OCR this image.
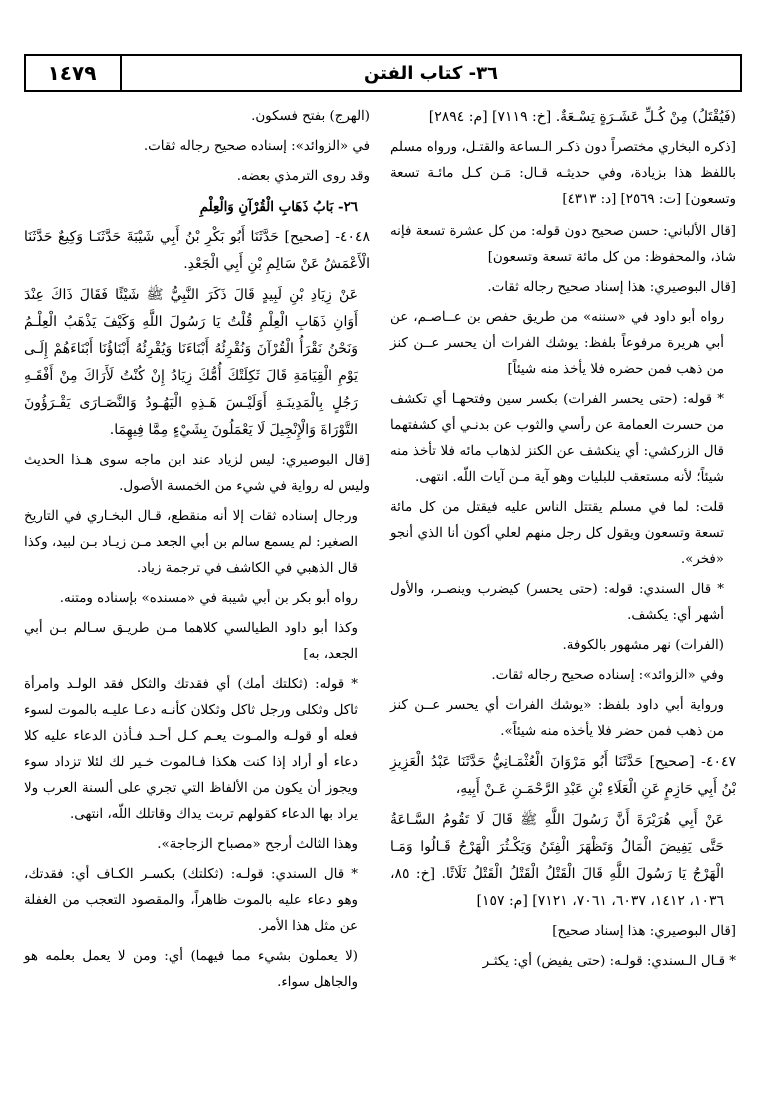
١٤٧٩	٣٦- كتاب الفتن

(فَيُقْتَلُ) مِنْ كُـلِّ عَشَـرَةٍ تِسْـعَةٌ. [خ: ٧١١٩] [م: ٢٨٩٤]

[ذكره البخاري مختصراً دون ذكـر الـساعة والقتـل، ورواه مسلم باللفظ هذا بزيادة، وفي حديثـه قـال: مَـن كـل مائـة تسعة وتسعون] [ت: ٢٥٦٩] [د: ٤٣١٣]

[قال الألباني: حسن صحيح دون قوله: من كل عشرة تسعة فإنه شاذ، والمحفوظ: من كل مائة تسعة وتسعون]

[قال البوصيري: هذا إسناد صحيح رجاله ثقات.

رواه أبو داود في «سننه» من طريق حفص بن عــاصـم، عن أبي هريرة مرفوعاً بلفظ: يوشك الفرات أن يحسر عــن كنز من ذهب فمن حضره فلا يأخذ منه شيئاً]

* قوله: (حتى يحسر الفرات) بكسر سين وفتحهـا أي تكشف من حسرت العمامة عن رأسي والثوب عن بدنـي أي كشفتهما قال الزركشي: أي ينكشف عن الكنز لذهاب مائه فلا تأخذ منه شيئاً؛ لأنه مستعقب للبليات وهو آية مـن آيات اللّه. انتهى.

قلت: لما في مسلم يقتتل الناس عليه فيقتل من كل مائة تسعة وتسعون ويقول كل رجل منهم لعلي أكون أنا الذي أنجو «فخر».

* قال السندي: قوله: (حتى يحسر) كيضرب وينصـر، والأول أشهر أي: يكشف.

(الفرات) نهر مشهور بالكوفة.

وفي «الزوائد»: إسناده صحيح رجاله ثقات.

ورواية أبي داود بلفظ: «يوشك الفرات أي يحسر عــن كنز من ذهب فمن حضر فلا يأخذه منه شيئاً».

٤٠٤٧- [صحيح] حَدَّثَنَا أَبُو مَرْوَانَ الْعُثْمَـانِيُّ حَدَّثَنَا عَبْدُ الْعَزِيزِ بْنُ أَبِي حَازِمٍ عَنِ الْعَلَاءِ بْنِ عَبْدِ الرَّحْمَـنِ عَـنْ أَبِيهِ،

عَنْ أَبِي هُرَيْرَةَ أَنَّ رَسُولَ اللَّهِ ﷺ قَالَ لَا تَقُومُ السَّـاعَةُ حَتَّى يَفِيضَ الْمَالُ وَتَظْهَرَ الْفِتَنُ وَيَكْـثُرَ الْهَرْجُ قَـالُوا وَمَـا الْهَرْجُ يَا رَسُولَ اللَّهِ قَالَ الْقَتْلُ الْقَتْلُ الْقَتْلُ ثَلَاثًا. [خ: ٨٥، ١٠٣٦، ١٤١٢، ٦٠٣٧، ٧٠٦١، ٧١٢١] [م: ١٥٧]

[قال البوصيري: هذا إسناد صحيح]

* قـال الـسندي: قولـه: (حتى يفيض) أي: يكثـر

(الهرج) بفتح فسكون.

في «الزوائد»: إسناده صحيح رجاله ثقات.

وقد روى الترمذي بعضه.

٢٦- بَابُ ذَهَابِ الْقُرْآنِ وَالْعِلْمِ

٤٠٤٨- [صحيح] حَدَّثَنَا أَبُو بَكْرِ بْنُ أَبِي شَيْبَةَ حَدَّثَنَـا وَكِيعٌ حَدَّثَنَا الْأَعْمَشُ عَنْ سَالِمِ بْنِ أَبِي الْجَعْدِ.

عَنْ زِيَادِ بْنِ لَبِيدٍ قَالَ ذَكَرَ النَّبِيُّ ﷺ شَيْئًا فَقَالَ ذَاكَ عِنْدَ أَوَانِ ذَهَابِ الْعِلْمِ قُلْتُ يَا رَسُولَ اللَّهِ وَكَيْفَ يَذْهَبُ الْعِلْـمُ وَنَحْنُ نَقْرَأُ الْقُرْآنَ وَنُقْرِئُهُ أَبْنَاءَنَا وَيُقْرِئُهُ أَبْنَاؤُنَا أَبْنَاءَهُمْ إِلَـى يَوْمِ الْقِيَامَةِ قَالَ ثَكِلَتْكَ أُمُّكَ زِيَادُ إِنْ كُنْتُ لَأَرَاكَ مِنْ أَفْقَـهِ رَجُلٍ بِالْمَدِينَـةِ أَوَلَيْـسَ هَـذِهِ الْيَهُـودُ وَالنَّصَـارَى يَقْـرَؤُونَ التَّوْرَاةَ وَالْإِنْجِيلَ لَا يَعْمَلُونَ بِشَيْءٍ مِمَّا فِيهِمَا.

[قال البوصيري: ليس لزياد عند ابن ماجه سوى هـذا الحديث وليس له رواية في شيء من الخمسة الأصول.

ورجال إسناده ثقات إلا أنه منقطع، قـال البخـاري في التاريخ الصغير: لم يسمع سالم بن أبي الجعد مـن زيـاد بـن لبيد، وكذا قال الذهبي في الكاشف في ترجمة زياد.

رواه أبو بكر بن أبي شيبة في «مسنده» بإسناده ومتنه.

وكذا أبو داود الطيالسي كلاهما مـن طريـق سـالم بـن أبي الجعد، به]

* قوله: (ثكلتك أمك) أي فقدتك والثكل فقد الولـد وامرأة ثاكل وثكلى ورجل ثاكل وثكلان كأنـه دعـا عليـه بالموت لسوء فعله أو قولـه والمـوت يعـم كـل أحـد فـأذن الدعاء عليه كلا دعاء أو أراد إذا كنت هكذا فـالموت خـير لك لئلا تزداد سوء ويجوز أن يكون من الألفاظ التي تجري على ألسنة العرب ولا يراد بها الدعاء كقولهم تربت يداك وقاتلك اللّه، انتهى.

وهذا الثالث أرجح «مصباح الزجاجة».

* قال السندي: قولـه: (ثكلتك) بكسـر الكـاف أي: فقدتك، وهو دعاء عليه بالموت ظاهراً، والمقصود التعجب من الغفلة عن مثل هذا الأمر.

(لا يعملون بشيء مما فيهما) أي: ومن لا يعمل بعلمه هو والجاهل سواء.
